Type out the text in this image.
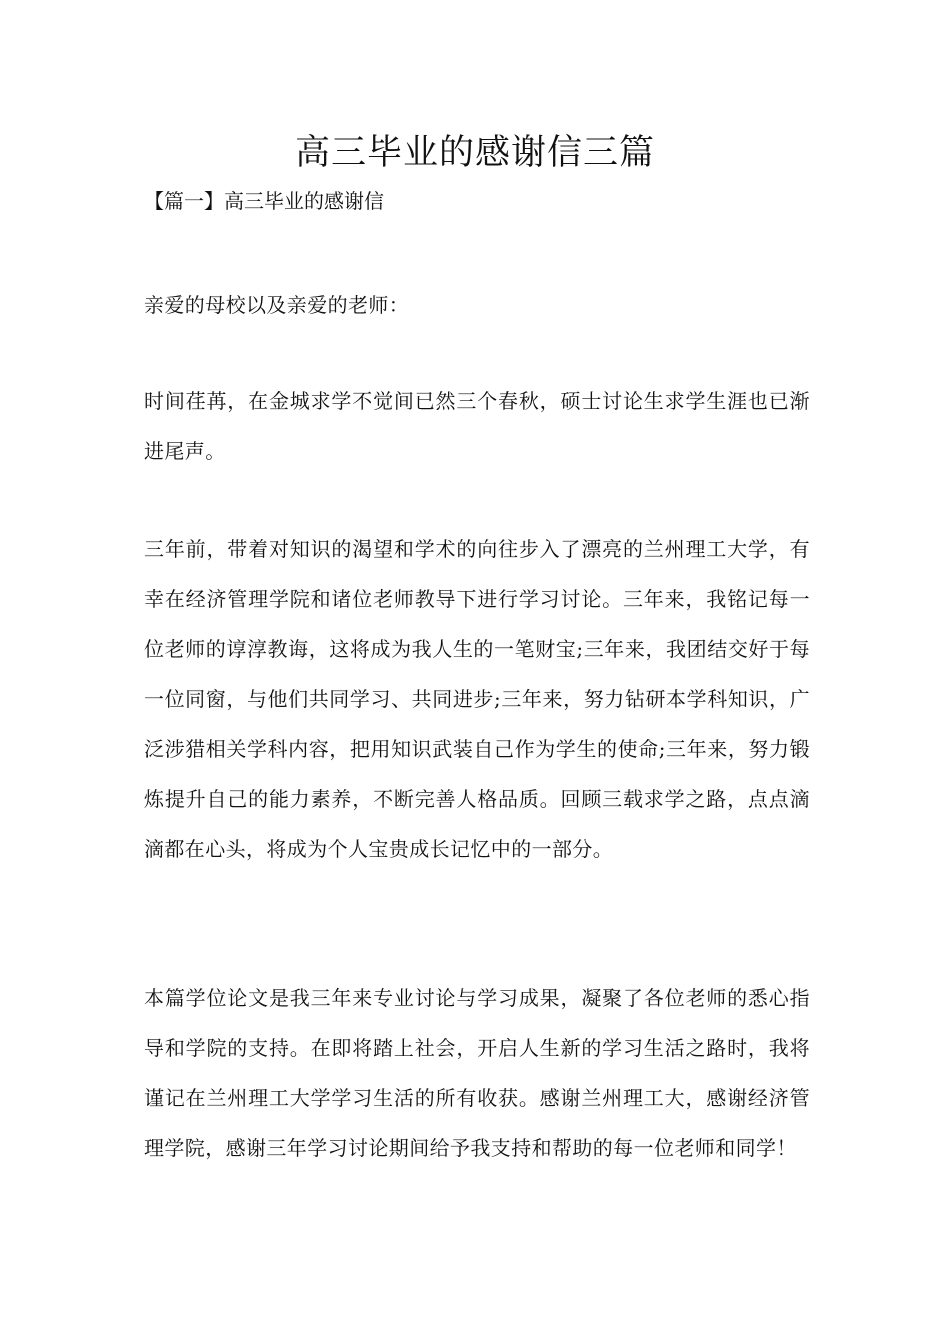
高三毕业的感谢信三篇
【篇一】高三毕业的感谢信

亲爱的母校以及亲爱的老师：

时间荏苒，在金城求学不觉间已然三个春秋，硕士讨论生求学生涯也已渐进尾声。

三年前，带着对知识的渴望和学术的向往步入了漂亮的兰州理工大学，有幸在经济管理学院和诸位老师教导下进行学习讨论。三年来，我铭记每一位老师的谆淳教诲，这将成为我人生的一笔财宝;三年来，我团结交好于每一位同窗，与他们共同学习、共同进步;三年来，努力钻研本学科知识，广泛涉猎相关学科内容，把用知识武装自己作为学生的使命;三年来，努力锻炼提升自己的能力素养，不断完善人格品质。回顾三载求学之路，点点滴滴都在心头，将成为个人宝贵成长记忆中的一部分。

本篇学位论文是我三年来专业讨论与学习成果，凝聚了各位老师的悉心指导和学院的支持。在即将踏上社会，开启人生新的学习生活之路时，我将谨记在兰州理工大学学习生活的所有收获。感谢兰州理工大，感谢经济管理学院，感谢三年学习讨论期间给予我支持和帮助的每一位老师和同学！
